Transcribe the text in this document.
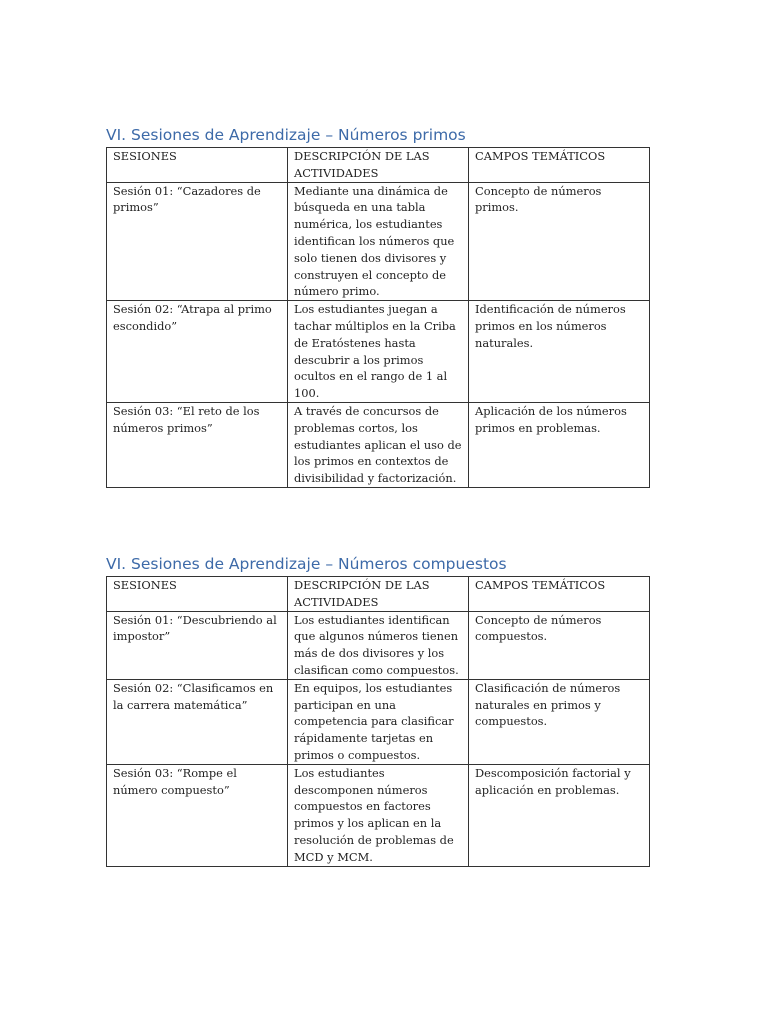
VI. Sesiones de Aprendizaje – Números primos
SESIONES	DESCRIPCIÓN DE LAS ACTIVIDADES	CAMPOS TEMÁTICOS
Sesión 01: “Cazadores de primos”	Mediante una dinámica de búsqueda en una tabla numérica, los estudiantes identifican los números que solo tienen dos divisores y construyen el concepto de número primo.	Concepto de números primos.
Sesión 02: “Atrapa al primo escondido”	Los estudiantes juegan a tachar múltiplos en la Criba de Eratóstenes hasta descubrir a los primos ocultos en el rango de 1 al 100.	Identificación de números primos en los números naturales.
Sesión 03: “El reto de los números primos”	A través de concursos de problemas cortos, los estudiantes aplican el uso de los primos en contextos de divisibilidad y factorización.	Aplicación de los números primos en problemas.
VI. Sesiones de Aprendizaje – Números compuestos
SESIONES	DESCRIPCIÓN DE LAS ACTIVIDADES	CAMPOS TEMÁTICOS
Sesión 01: “Descubriendo al impostor”	Los estudiantes identifican que algunos números tienen más de dos divisores y los clasifican como compuestos.	Concepto de números compuestos.
Sesión 02: “Clasificamos en la carrera matemática”	En equipos, los estudiantes participan en una competencia para clasificar rápidamente tarjetas en primos o compuestos.	Clasificación de números naturales en primos y compuestos.
Sesión 03: “Rompe el número compuesto”	Los estudiantes descomponen números compuestos en factores primos y los aplican en la resolución de problemas de MCD y MCM.	Descomposición factorial y aplicación en problemas.
